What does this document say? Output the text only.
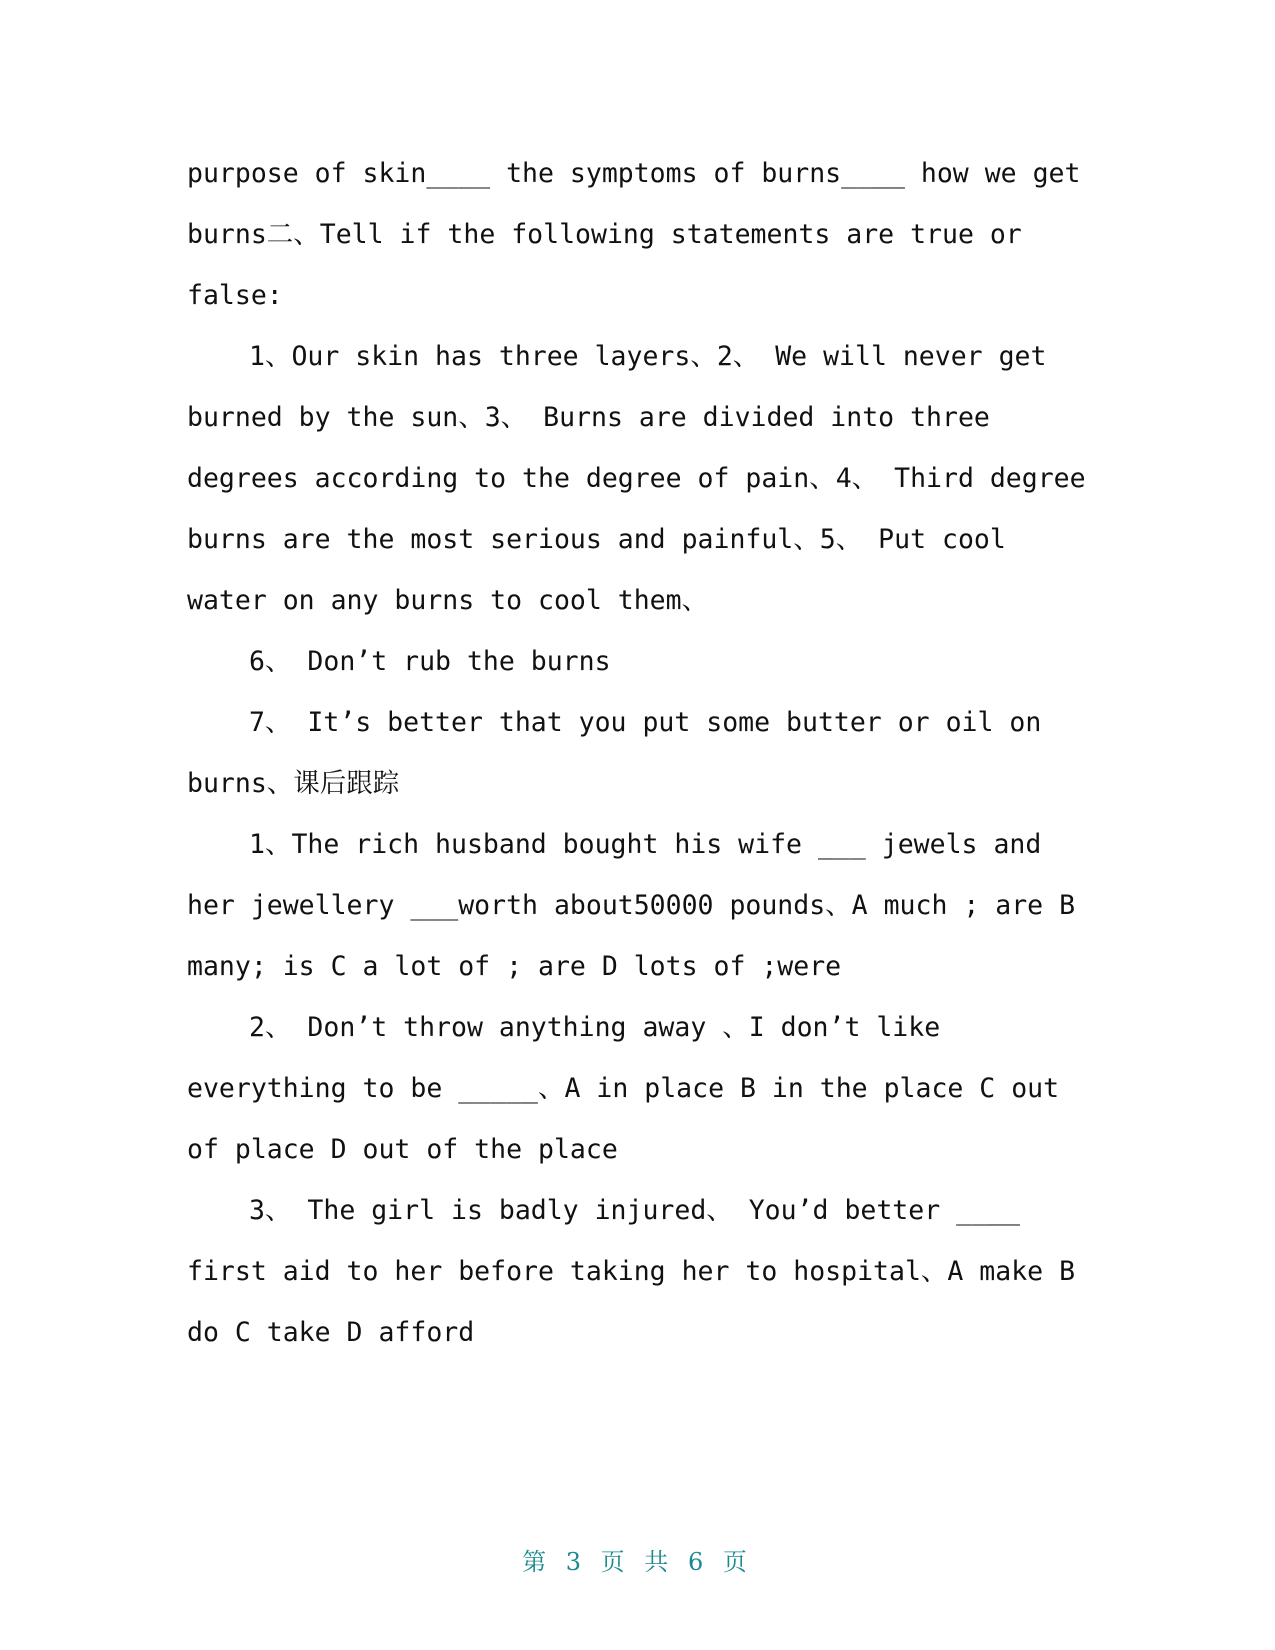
purpose of skin____ the symptoms of burns____ how we get burns二、Tell if the following statements are true or false:

1、Our skin has three layers、2、 We will never get burned by the sun、3、 Burns are divided into three degrees according to the degree of pain、4、 Third degree burns are the most serious and painful、5、 Put cool water on any burns to cool them、

6、 Don’t rub the burns

7、 It’s better that you put some butter or oil on burns、课后跟踪

1、The rich husband bought his wife ___ jewels and her jewellery ___worth about50000 pounds、A much ; are B many; is C a lot of ; are D lots of ;were

2、 Don’t throw anything away 、I don’t like everything to be _____、A in place B in the place C out of place D out of the place

3、 The girl is badly injured、 You’d better ____ first aid to her before taking her to hospital、A make B do C take D afford

第 3 页 共 6 页
